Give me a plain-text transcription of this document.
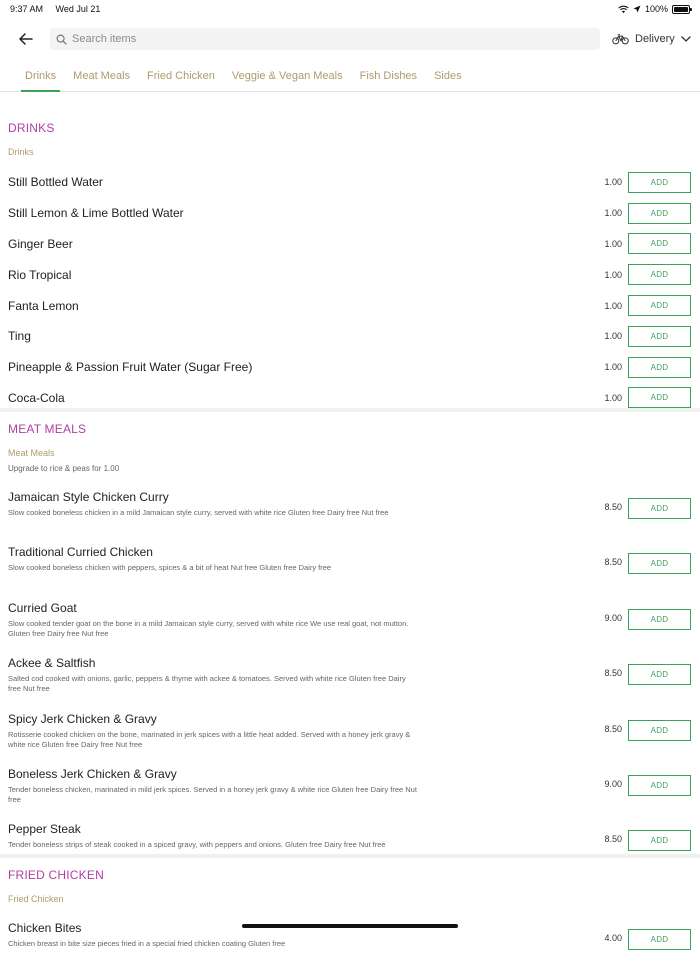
9:37 AM Wed Jul 21	100%
Search items
Delivery
Drinks Meat Meals Fried Chicken Veggie & Vegan Meals Fish Dishes Sides
DRINKS
Drinks
Still Bottled Water	1.00	ADD
Still Lemon & Lime Bottled Water	1.00	ADD
Ginger Beer	1.00	ADD
Rio Tropical	1.00	ADD
Fanta Lemon	1.00	ADD
Ting	1.00	ADD
Pineapple & Passion Fruit Water (Sugar Free)	1.00	ADD
Coca-Cola	1.00	ADD
MEAT MEALS
Meat Meals
Upgrade to rice & peas for 1.00
Jamaican Style Chicken Curry
Slow cooked boneless chicken in a mild Jamaican style curry, served with white rice Gluten free Dairy free Nut free
8.50	ADD
Traditional Curried Chicken
Slow cooked boneless chicken with peppers, spices & a bit of heat Nut free Gluten free Dairy free
8.50	ADD
Curried Goat
Slow cooked tender goat on the bone in a mild Jamaican style curry, served with white rice We use real goat, not mutton. Gluten free Dairy free Nut free
9.00	ADD
Ackee & Saltfish
Salted cod cooked with onions, garlic, peppers & thyme with ackee & tomatoes. Served with white rice Gluten free Dairy free Nut free
8.50	ADD
Spicy Jerk Chicken & Gravy
Rotisserie cooked chicken on the bone, marinated in jerk spices with a little heat added. Served with a honey jerk gravy & white rice Gluten free Dairy free Nut free
8.50	ADD
Boneless Jerk Chicken & Gravy
Tender boneless chicken, marinated in mild jerk spices. Served in a honey jerk gravy & white rice Gluten free Dairy free Nut free
9.00	ADD
Pepper Steak
Tender boneless strips of steak cooked in a spiced gravy, with peppers and onions. Gluten free Dairy free Nut free
8.50	ADD
FRIED CHICKEN
Fried Chicken
Chicken Bites
Chicken breast in bite size pieces fried in a special fried chicken coating Gluten free
4.00	ADD
